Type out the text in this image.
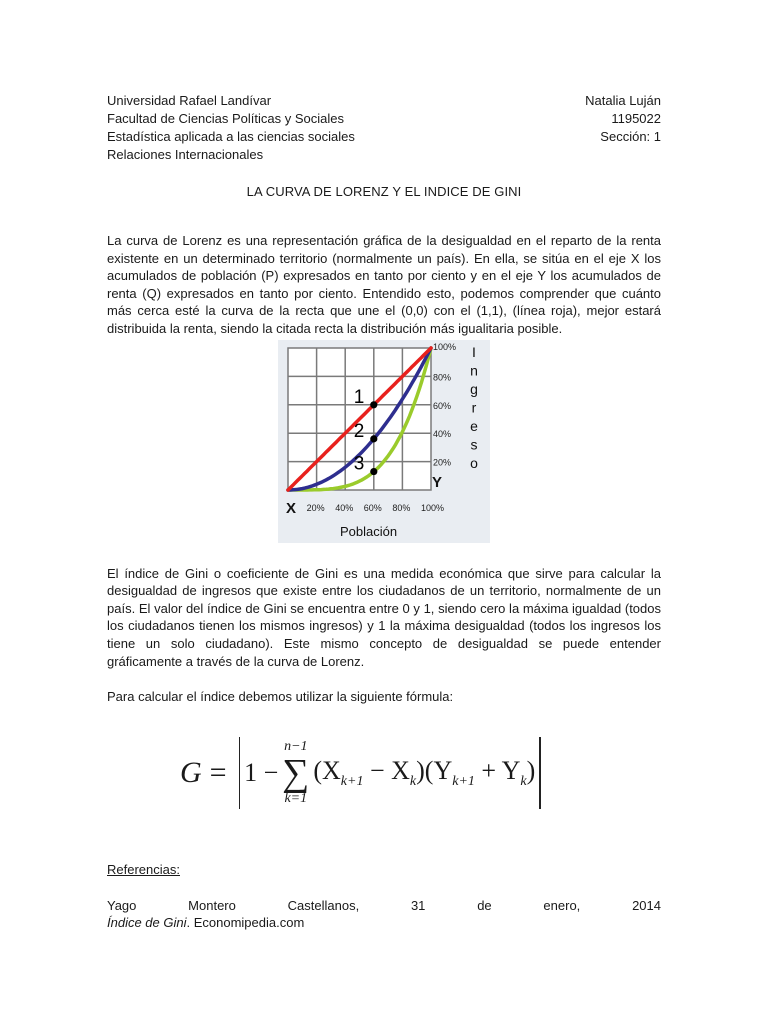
Universidad Rafael Landívar
Facultad de Ciencias Políticas y Sociales
Estadística aplicada a las ciencias sociales
Relaciones Internacionales
Natalia Luján
1195022
Sección: 1
LA CURVA DE LORENZ Y EL INDICE DE GINI

La curva de Lorenz es una representación gráfica de la desigualdad en el reparto de la renta existente en un determinado territorio (normalmente un país). En ella, se sitúa en el eje X los acumulados de población (P) expresados en tanto por ciento y en el eje Y los acumulados de renta (Q) expresados en tanto por ciento. Entendido esto, podemos comprender que cuánto más cerca esté la curva de la recta que une el (0,0) con el (1,1), (línea roja), mejor estará distribuida la renta, siendo la citada recta la distribución más igualitaria posible.

1
2
3
20% 40% 60% 80% 100%
20%
40%
60%
80%
100%
X
Y
Población
I
n
g
r
e
s
o

El índice de Gini o coeficiente de Gini es una medida económica que sirve para calcular la desigualdad de ingresos que existe entre los ciudadanos de un territorio, normalmente de un país. El valor del índice de Gini se encuentra entre 0 y 1, siendo cero la máxima igualdad (todos los ciudadanos tienen los mismos ingresos) y 1 la máxima desigualdad (todos los ingresos los tiene un solo ciudadano). Este mismo concepto de desigualdad se puede entender gráficamente a través de la curva de Lorenz.

Para calcular el índice debemos utilizar la siguiente fórmula:

G = 1 −
n−1
∑
k=1
$(X_{k+1} - X_k)(Y_{k+1} + Y_k)$
Referencias:
Yago	Montero	Castellanos,	31	de	enero,	2014
Índice de Gini. Economipedia.com
